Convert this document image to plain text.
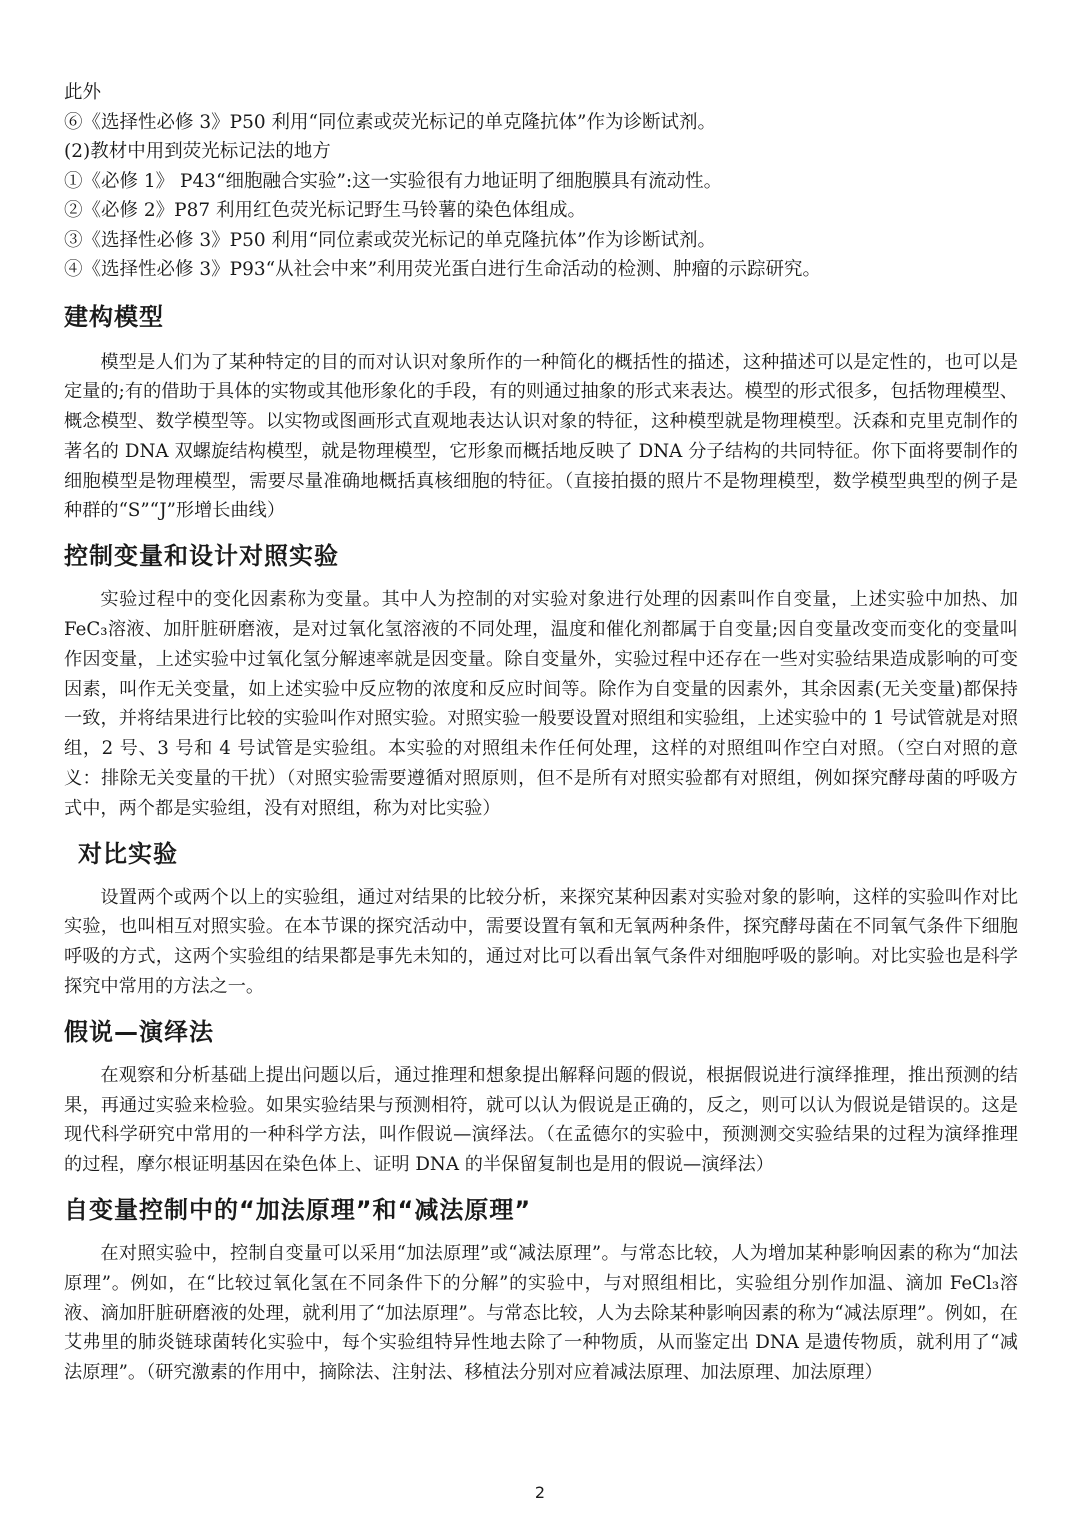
此外

⑥《选择性必修 3》P50 利用“同位素或荧光标记的单克隆抗体”作为诊断试剂。

(2)教材中用到荧光标记法的地方

①《必修 1》 P43“细胞融合实验”:这一实验很有力地证明了细胞膜具有流动性。

②《必修 2》P87 利用红色荧光标记野生马铃薯的染色体组成。

③《选择性必修 3》P50 利用“同位素或荧光标记的单克隆抗体”作为诊断试剂。

④《选择性必修 3》P93“从社会中来”利用荧光蛋白进行生命活动的检测、肿瘤的示踪研究。

建构模型

模型是人们为了某种特定的目的而对认识对象所作的一种简化的概括性的描述，这种描述可以是定性的，也可以是定量的;有的借助于具体的实物或其他形象化的手段，有的则通过抽象的形式来表达。模型的形式很多，包括物理模型、概念模型、数学模型等。以实物或图画形式直观地表达认识对象的特征，这种模型就是物理模型。沃森和克里克制作的著名的 DNA 双螺旋结构模型，就是物理模型，它形象而概括地反映了 DNA 分子结构的共同特征。你下面将要制作的细胞模型是物理模型，需要尽量准确地概括真核细胞的特征。（直接拍摄的照片不是物理模型，数学模型典型的例子是种群的“S”“J”形增长曲线）

控制变量和设计对照实验

实验过程中的变化因素称为变量。其中人为控制的对实验对象进行处理的因素叫作自变量，上述实验中加热、加 FeC₃溶液、加肝脏研磨液，是对过氧化氢溶液的不同处理，温度和催化剂都属于自变量;因自变量改变而变化的变量叫作因变量，上述实验中过氧化氢分解速率就是因变量。除自变量外，实验过程中还存在一些对实验结果造成影响的可变因素，叫作无关变量，如上述实验中反应物的浓度和反应时间等。除作为自变量的因素外，其余因素(无关变量)都保持一致，并将结果进行比较的实验叫作对照实验。对照实验一般要设置对照组和实验组，上述实验中的 1 号试管就是对照组，2 号、3 号和 4 号试管是实验组。本实验的对照组未作任何处理，这样的对照组叫作空白对照。（空白对照的意义：排除无关变量的干扰）（对照实验需要遵循对照原则，但不是所有对照实验都有对照组，例如探究酵母菌的呼吸方式中，两个都是实验组，没有对照组，称为对比实验）

对比实验

设置两个或两个以上的实验组，通过对结果的比较分析，来探究某种因素对实验对象的影响，这样的实验叫作对比实验，也叫相互对照实验。在本节课的探究活动中，需要设置有氧和无氧两种条件，探究酵母菌在不同氧气条件下细胞呼吸的方式，这两个实验组的结果都是事先未知的，通过对比可以看出氧气条件对细胞呼吸的影响。对比实验也是科学探究中常用的方法之一。

假说—演绎法

在观察和分析基础上提出问题以后，通过推理和想象提出解释问题的假说，根据假说进行演绎推理，推出预测的结果，再通过实验来检验。如果实验结果与预测相符，就可以认为假说是正确的，反之，则可以认为假说是错误的。这是现代科学研究中常用的一种科学方法，叫作假说—演绎法。（在孟德尔的实验中，预测测交实验结果的过程为演绎推理的过程，摩尔根证明基因在染色体上、证明 DNA 的半保留复制也是用的假说—演绎法）

自变量控制中的“加法原理”和“减法原理”

在对照实验中，控制自变量可以采用“加法原理”或“减法原理”。与常态比较，人为增加某种影响因素的称为“加法原理”。例如，在“比较过氧化氢在不同条件下的分解”的实验中，与对照组相比，实验组分别作加温、滴加 FeCl₃溶液、滴加肝脏研磨液的处理，就利用了“加法原理”。与常态比较，人为去除某种影响因素的称为“减法原理”。例如，在艾弗里的肺炎链球菌转化实验中，每个实验组特异性地去除了一种物质，从而鉴定出 DNA 是遗传物质，就利用了“减法原理”。（研究激素的作用中，摘除法、注射法、移植法分别对应着减法原理、加法原理、加法原理）

2
